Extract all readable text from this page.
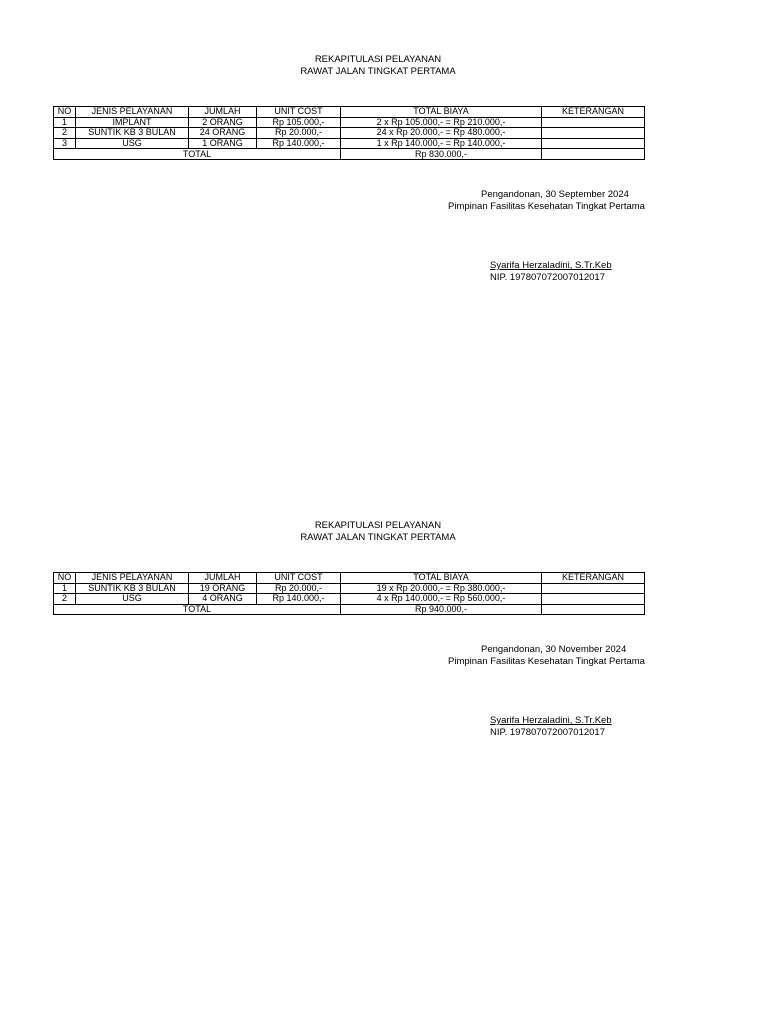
REKAPITULASI PELAYANAN
RAWAT JALAN TINGKAT PERTAMA
NO	JENIS PELAYANAN	JUMLAH	UNIT COST	TOTAL BIAYA	KETERANGAN
1	IMPLANT	2 ORANG	Rp 105.000,-	2 x Rp 105.000,- = Rp 210.000,-	
2	SUNTIK KB 3 BULAN	24 ORANG	Rp 20.000,-	24 x Rp 20.000,- = Rp 480.000,-	
3	USG	1 ORANG	Rp 140.000,-	1 x Rp 140.000,- = Rp 140.000,-	
TOTAL				Rp 830.000,-	
Pengandonan, 30 September 2024
Pimpinan Fasilitas Kesehatan Tingkat Pertama
Syarifa Herzaladini, S.Tr.Keb
NIP. 197807072007012017
REKAPITULASI PELAYANAN
RAWAT JALAN TINGKAT PERTAMA
NO	JENIS PELAYANAN	JUMLAH	UNIT COST	TOTAL BIAYA	KETERANGAN
1	SUNTIK KB 3 BULAN	19 ORANG	Rp 20.000,-	19 x Rp 20.000,- = Rp 380.000,-	
2	USG	4 ORANG	Rp 140.000,-	4 x Rp 140.000,- = Rp 560.000,-	
TOTAL				Rp 940.000,-	
Pengandonan, 30 November 2024
Pimpinan Fasilitas Kesehatan Tingkat Pertama
Syarifa Herzaladini, S.Tr.Keb
NIP. 197807072007012017
